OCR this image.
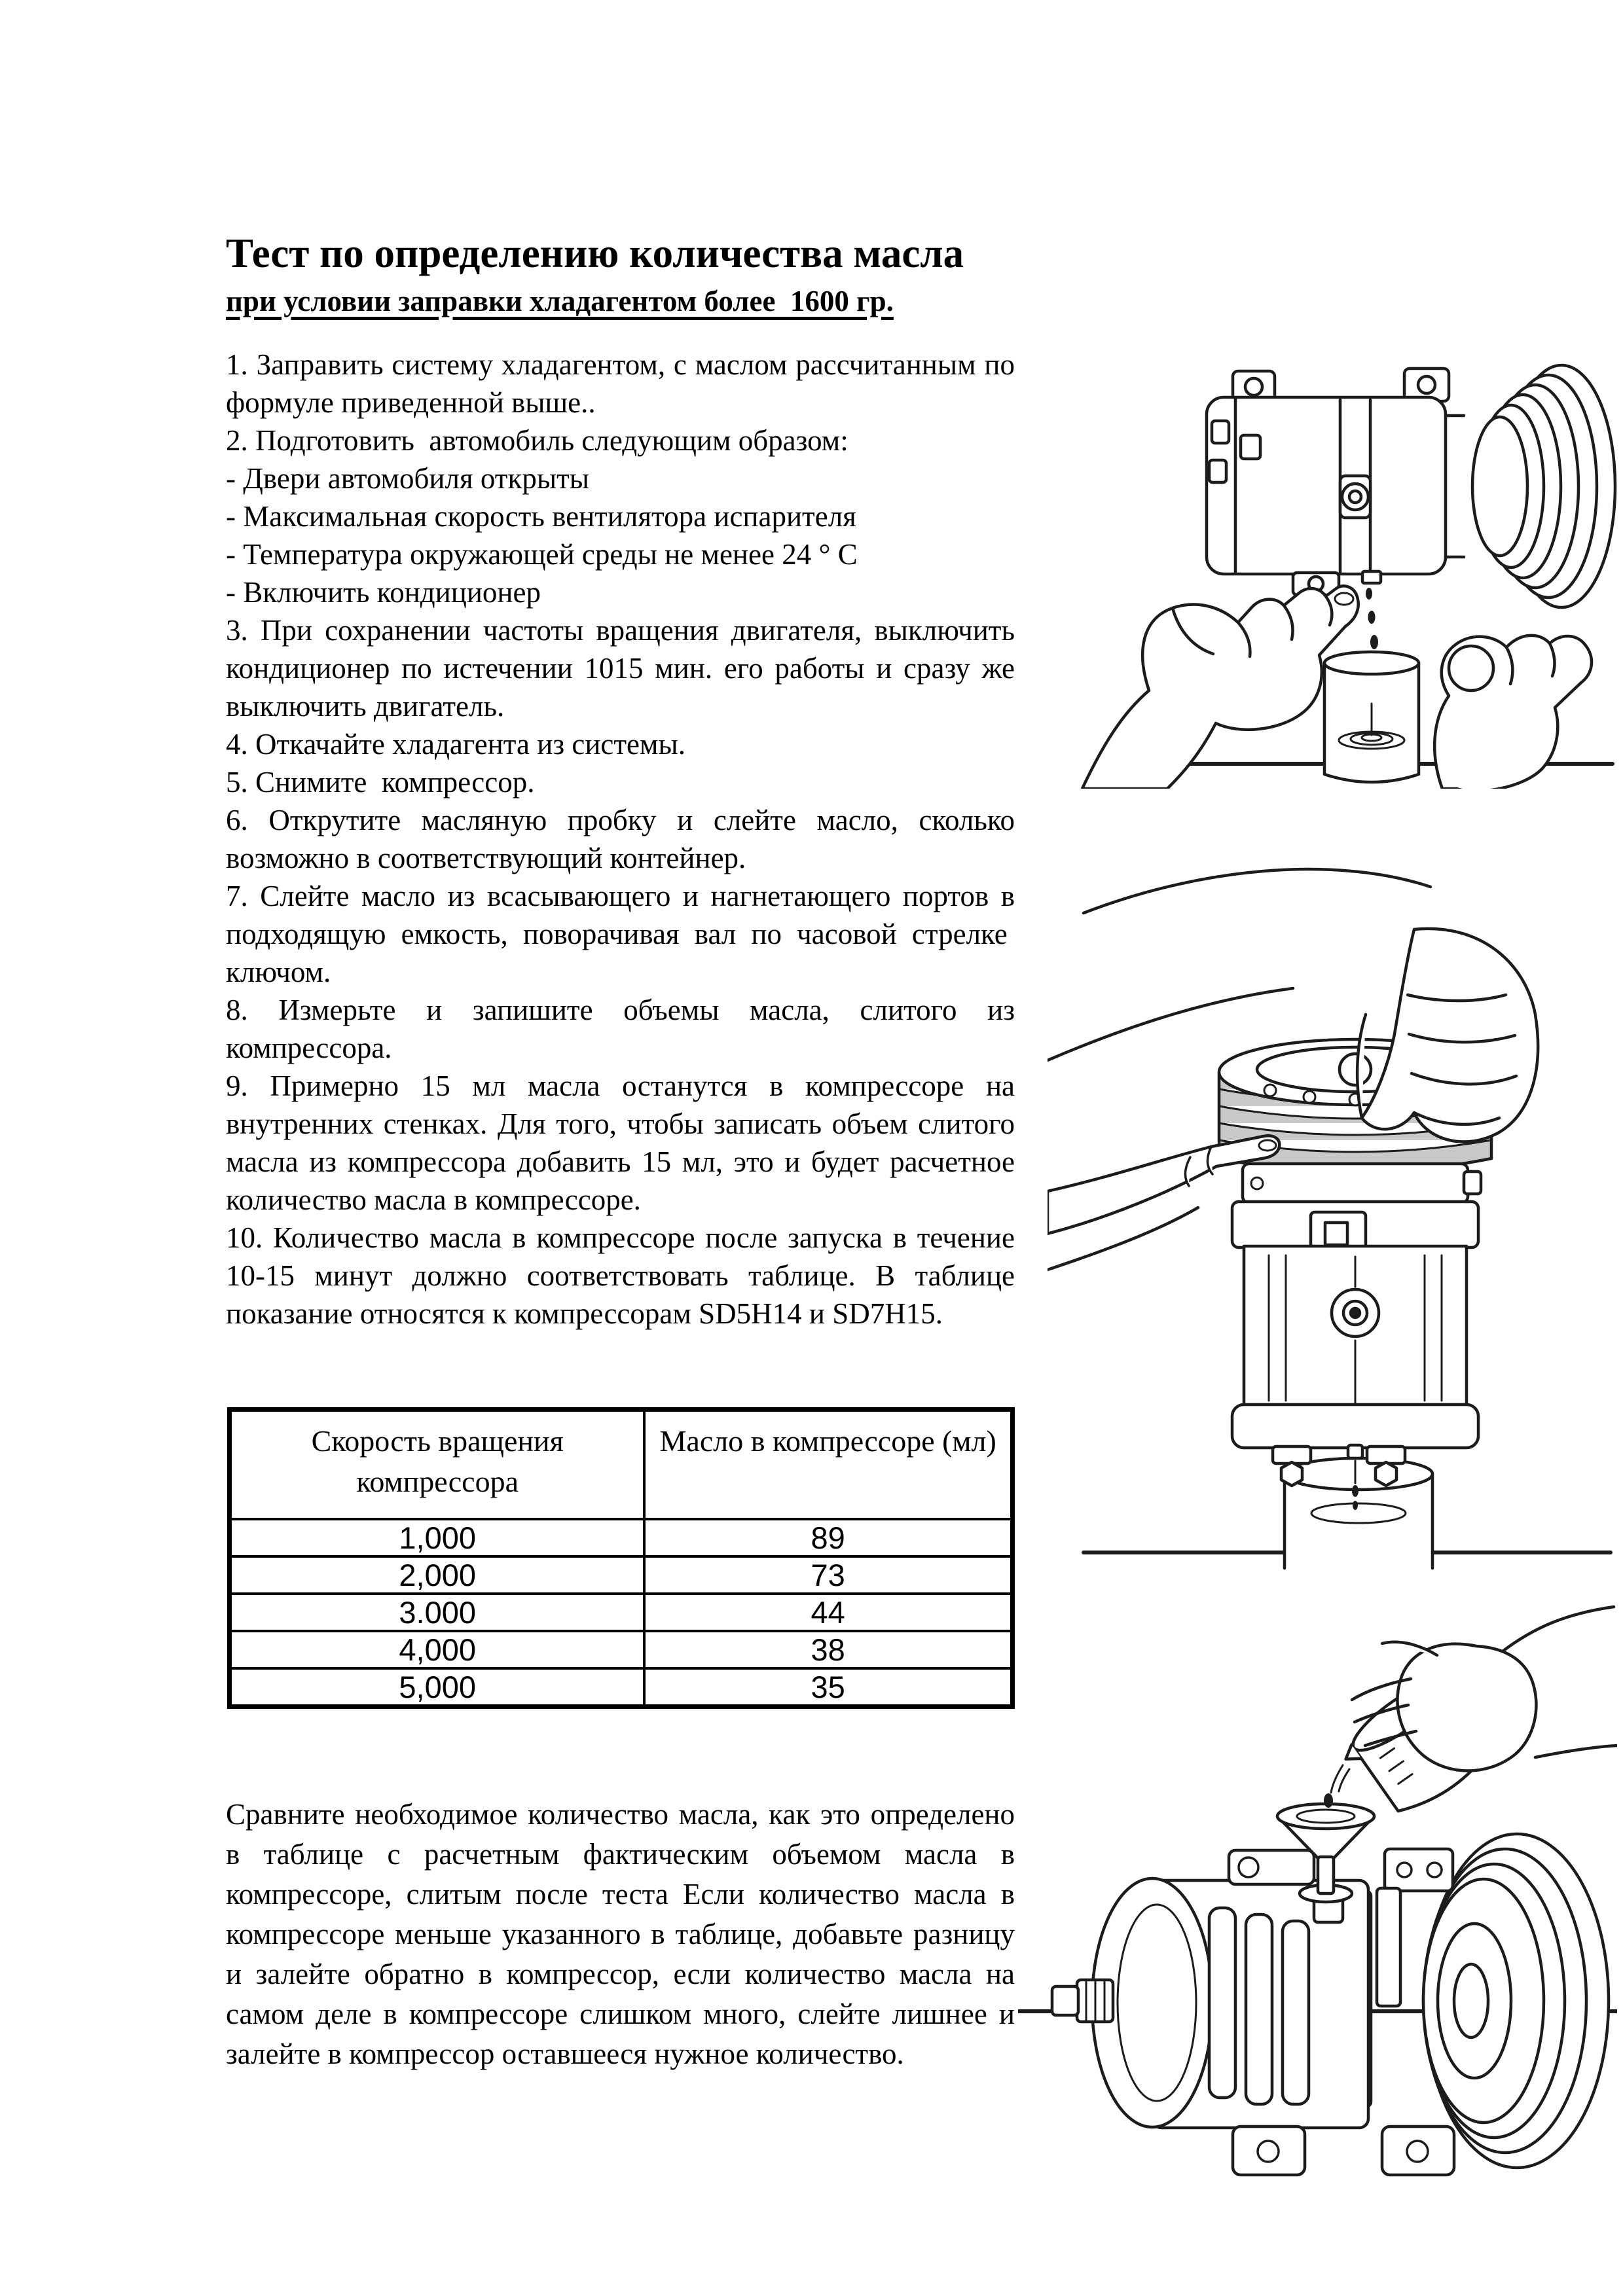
Тест по определению количества масла
при условии заправки хладагентом более  1600 гр.

1. Заправить систему хладагентом, с маслом рассчитанным по формуле приведенной выше..

2. Подготовить  автомобиль следующим образом:

- Двери автомобиля открыты

- Максимальная скорость вентилятора испарителя

- Температура окружающей среды не менее 24 ° С

- Включить кондиционер

3. При сохранении частоты вращения двигателя, выключить кондиционер по истечении 1015 мин. его работы и сразу же выключить двигатель.

4. Откачайте хладагента из системы.

5. Снимите  компрессор.

6. Открутите масляную пробку и слейте масло, сколько возможно в соответствующий контейнер.

7. Слейте масло из всасывающего и нагнетающего портов в подходящую емкость, поворачивая вал по часовой стрелке  ключом.

8. Измерьте и запишите объемы масла, слитого из компрессора.

9. Примерно 15 мл масла останутся в компрессоре на внутренних стенках. Для того, чтобы записать объем слитого масла из компрессора добавить 15 мл, это и будет расчетное количество масла в компрессоре.

10. Количество масла в компрессоре после запуска в течение 10-15 минут должно соответствовать таблице. В таблице показание относятся к компрессорам SD5H14 и SD7H15.

Скорость вращения компрессора	Масло в компрессоре (мл)
1,000	89
2,000	73
3.000	44
4,000	38
5,000	35

Сравните необходимое количество масла, как это определено в таблице с расчетным фактическим объемом масла в компрессоре, слитым после теста Если количество масла в компрессоре меньше указанного в таблице, добавьте разницу и залейте обратно в компрессор, если количество масла на самом деле в компрессоре слишком много, слейте лишнее и залейте в компрессор оставшееся нужное количество.
